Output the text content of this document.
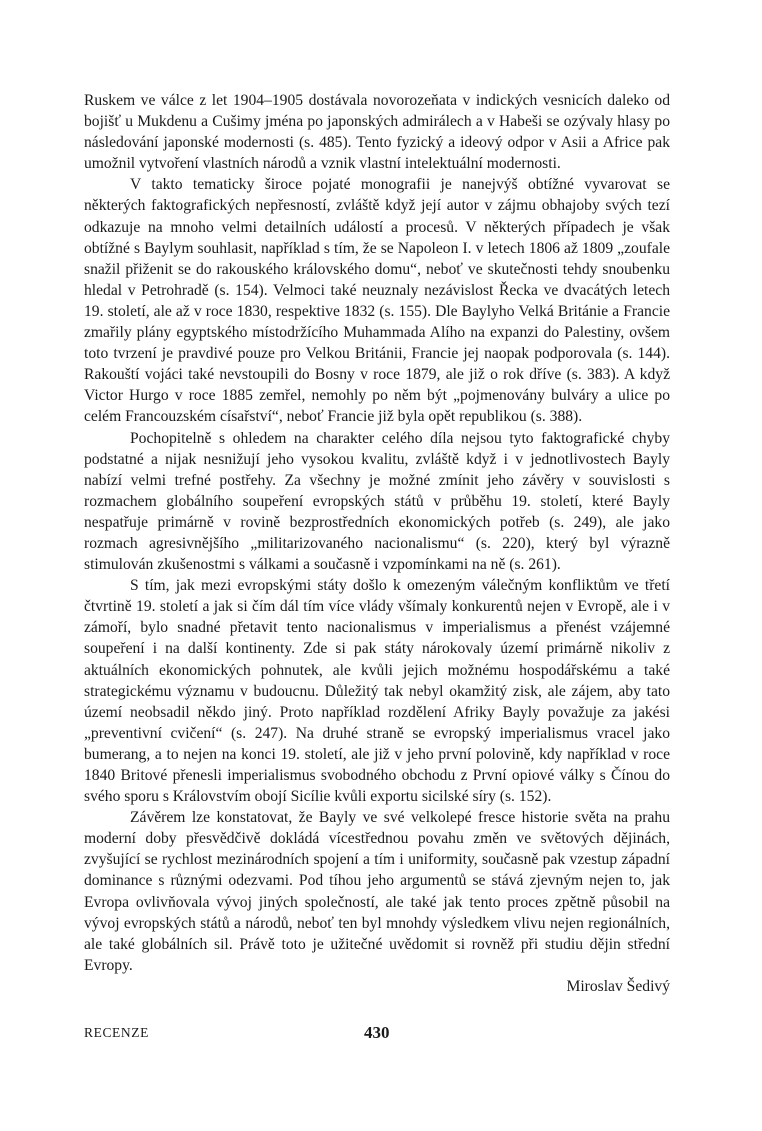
Ruskem ve válce z let 1904–1905 dostávala novorozeňata v indických vesnicích daleko od bojišť u Mukdenu a Cušimy jména po japonských admirálech a v Habeši se ozývaly hlasy po následování japonské modernosti (s. 485). Tento fyzický a ideový odpor v Asii a Africe pak umožnil vytvoření vlastních národů a vznik vlastní intelektuální modernosti.

V takto tematicky široce pojaté monografii je nanejvýš obtížné vyvarovat se některých faktografických nepřesností, zvláště když její autor v zájmu obhajoby svých tezí odkazuje na mnoho velmi detailních událostí a procesů. V některých případech je však obtížné s Baylym souhlasit, například s tím, že se Napoleon I. v letech 1806 až 1809 „zoufale snažil přiženit se do rakouského královského domu“, neboť ve skutečnosti tehdy snoubenku hledal v Petrohradě (s. 154). Velmoci také neuznaly nezávislost Řecka ve dvacátých letech 19. století, ale až v roce 1830, respektive 1832 (s. 155). Dle Baylyho Velká Británie a Francie zmařily plány egyptského místodržícího Muhammada Alího na expanzi do Palestiny, ovšem toto tvrzení je pravdivé pouze pro Velkou Británii, Francie jej naopak podporovala (s. 144). Rakouští vojáci také nevstoupili do Bosny v roce 1879, ale již o rok dříve (s. 383). A když Victor Hurgo v roce 1885 zemřel, nemohly po něm být „pojmenovány bulváry a ulice po celém Francouzském císařství“, neboť Francie již byla opět republikou (s. 388).

Pochopitelně s ohledem na charakter celého díla nejsou tyto faktografické chyby podstatné a nijak nesnižují jeho vysokou kvalitu, zvláště když i v jednotlivostech Bayly nabízí velmi trefné postřehy. Za všechny je možné zmínit jeho závěry v souvislosti s rozmachem globálního soupeření evropských států v průběhu 19. století, které Bayly nespatřuje primárně v rovině bezprostředních ekonomických potřeb (s. 249), ale jako rozmach agresivnějšího „militarizovaného nacionalismu“ (s. 220), který byl výrazně stimulován zkušenostmi s válkami a současně i vzpomínkami na ně (s. 261).

S tím, jak mezi evropskými státy došlo k omezeným válečným konfliktům ve třetí čtvrtině 19. století a jak si čím dál tím více vlády všímaly konkurentů nejen v Evropě, ale i v zámoří, bylo snadné přetavit tento nacionalismus v imperialismus a přenést vzájemné soupeření i na další kontinenty. Zde si pak státy nárokovaly území primárně nikoliv z aktuálních ekonomických pohnutek, ale kvůli jejich možnému hospodářskému a také strategickému významu v budoucnu. Důležitý tak nebyl okamžitý zisk, ale zájem, aby tato území neobsadil někdo jiný. Proto například rozdělení Afriky Bayly považuje za jakési „preventivní cvičení“ (s. 247). Na druhé straně se evropský imperialismus vracel jako bumerang, a to nejen na konci 19. století, ale již v jeho první polovině, kdy například v roce 1840 Britové přenesli imperialismus svobodného obchodu z První opiové války s Čínou do svého sporu s Královstvím obojí Sicílie kvůli exportu sicilské síry (s. 152).

Závěrem lze konstatovat, že Bayly ve své velkolepé fresce historie světa na prahu moderní doby přesvědčivě dokládá vícestřednou povahu změn ve světových dějinách, zvyšující se rychlost mezinárodních spojení a tím i uniformity, současně pak vzestup západní dominance s různými odezvami. Pod tíhou jeho argumentů se stává zjevným nejen to, jak Evropa ovlivňovala vývoj jiných společností, ale také jak tento proces zpětně působil na vývoj evropských států a národů, neboť ten byl mnohdy výsledkem vlivu nejen regionálních, ale také globálních sil. Právě toto je užitečné uvědomit si rovněž při studiu dějin střední Evropy.

Miroslav Šedivý

RECENZE	430
